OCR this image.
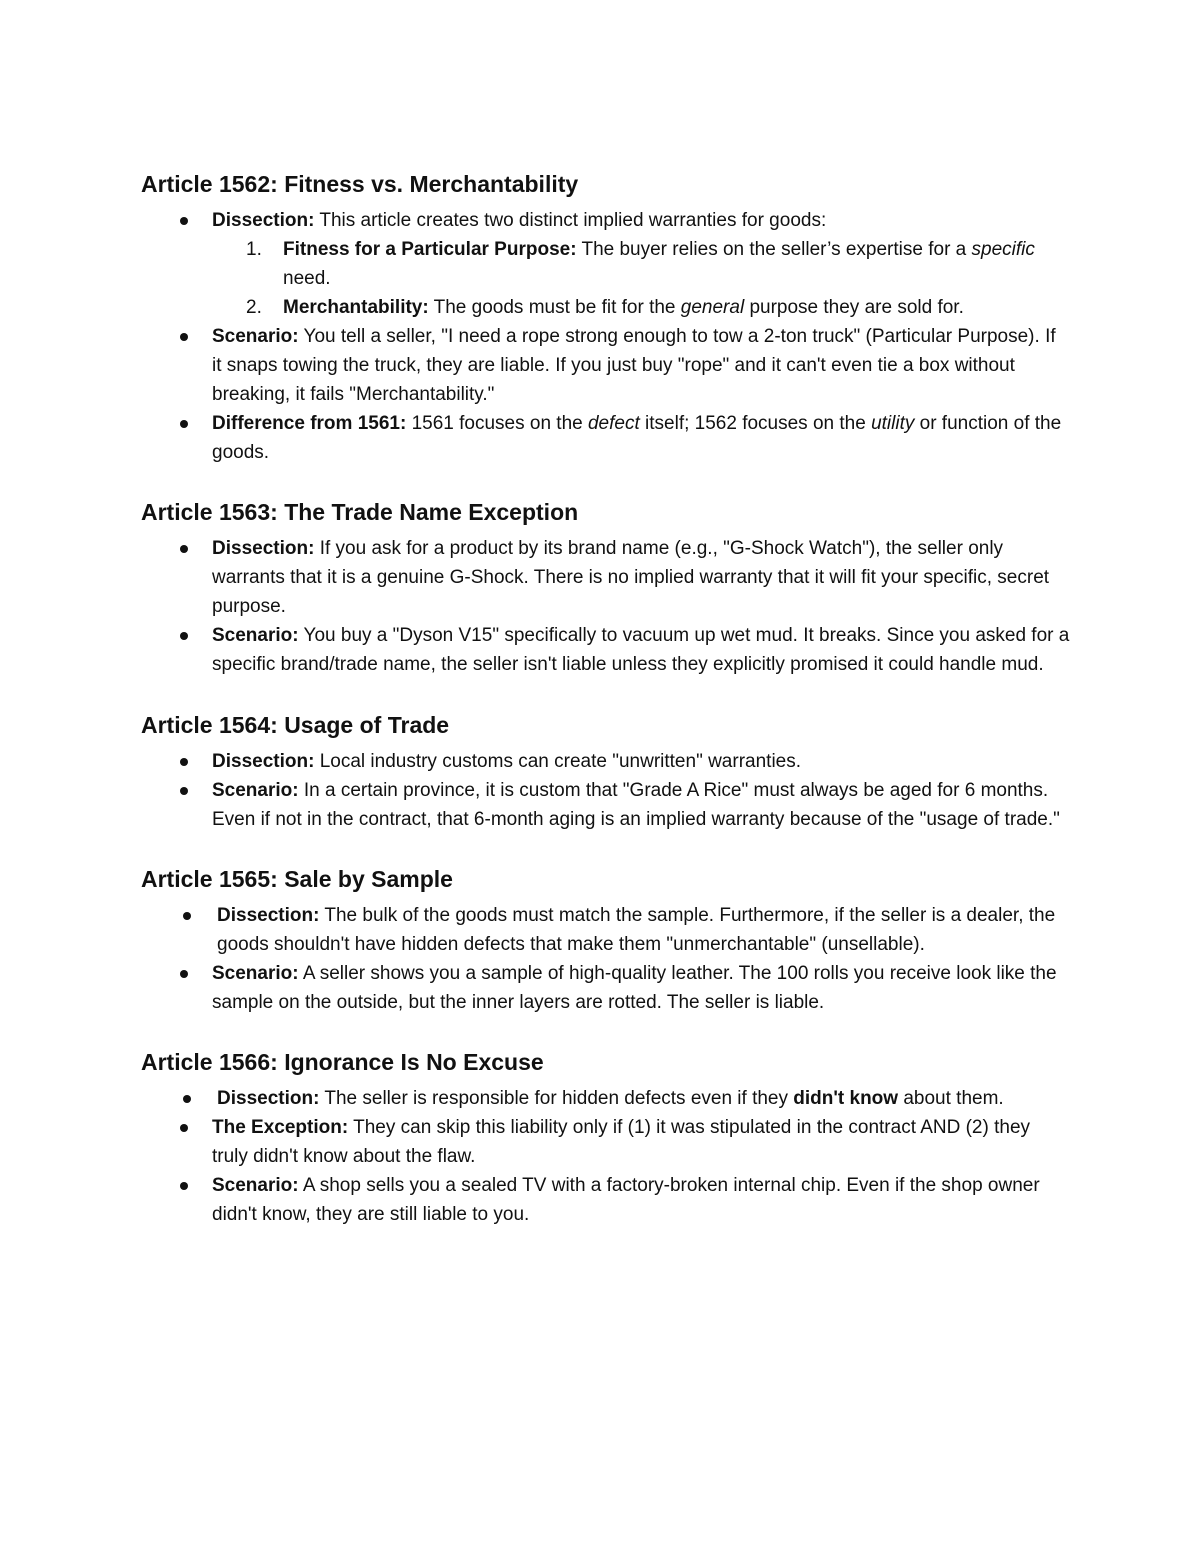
Article 1562: Fitness vs. Merchantability
Dissection: This article creates two distinct implied warranties for goods:
1. Fitness for a Particular Purpose: The buyer relies on the seller’s expertise for a specific need.
2. Merchantability: The goods must be fit for the general purpose they are sold for.
Scenario: You tell a seller, "I need a rope strong enough to tow a 2-ton truck" (Particular Purpose). If it snaps towing the truck, they are liable. If you just buy "rope" and it can't even tie a box without breaking, it fails "Merchantability."
Difference from 1561: 1561 focuses on the defect itself; 1562 focuses on the utility or function of the goods.
Article 1563: The Trade Name Exception
Dissection: If you ask for a product by its brand name (e.g., "G-Shock Watch"), the seller only warrants that it is a genuine G-Shock. There is no implied warranty that it will fit your specific, secret purpose.
Scenario: You buy a "Dyson V15" specifically to vacuum up wet mud. It breaks. Since you asked for a specific brand/trade name, the seller isn't liable unless they explicitly promised it could handle mud.
Article 1564: Usage of Trade
Dissection: Local industry customs can create "unwritten" warranties.
Scenario: In a certain province, it is custom that "Grade A Rice" must always be aged for 6 months. Even if not in the contract, that 6-month aging is an implied warranty because of the "usage of trade."
Article 1565: Sale by Sample
Dissection: The bulk of the goods must match the sample. Furthermore, if the seller is a dealer, the goods shouldn't have hidden defects that make them "unmerchantable" (unsellable).
Scenario: A seller shows you a sample of high-quality leather. The 100 rolls you receive look like the sample on the outside, but the inner layers are rotted. The seller is liable.
Article 1566: Ignorance Is No Excuse
Dissection: The seller is responsible for hidden defects even if they didn't know about them.
The Exception: They can skip this liability only if (1) it was stipulated in the contract AND (2) they truly didn't know about the flaw.
Scenario: A shop sells you a sealed TV with a factory-broken internal chip. Even if the shop owner didn't know, they are still liable to you.
